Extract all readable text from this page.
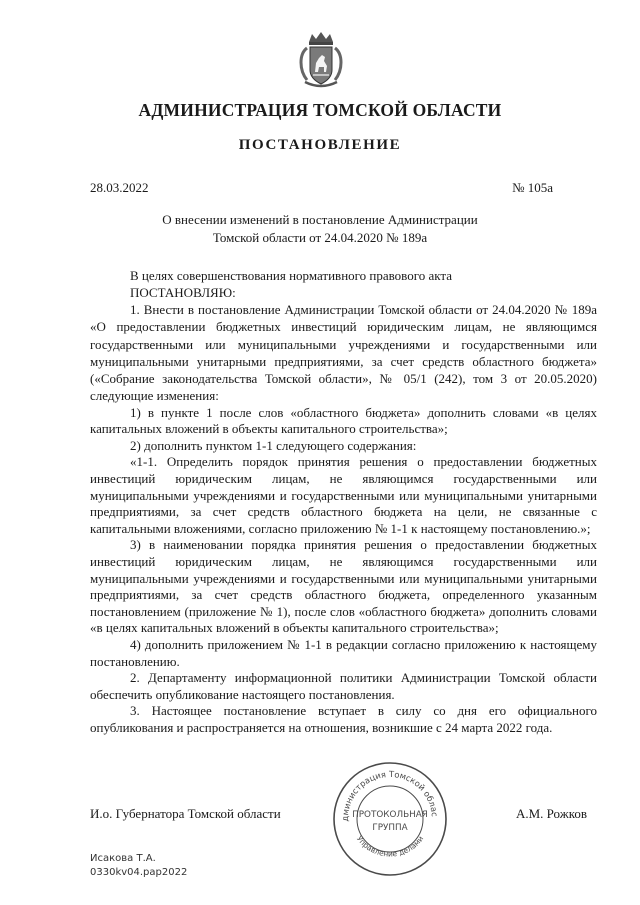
АДМИНИСТРАЦИЯ ТОМСКОЙ ОБЛАСТИ
ПОСТАНОВЛЕНИЕ
28.03.2022	№ 105а
О внесении изменений в постановление Администрации
Томской области от 24.04.2020 № 189а

В целях совершенствования нормативного правового акта

ПОСТАНОВЛЯЮ:

1. Внести в постановление Администрации Томской области от 24.04.2020 № 189а «О предоставлении бюджетных инвестиций юридическим лицам, не являющимся государственными или муниципальными учреждениями и государственными или муниципальными унитарными предприятиями, за счет средств областного бюджета» («Собрание законодательства Томской области», № 05/1 (242), том 3 от 20.05.2020) следующие изменения:

1) в пункте 1 после слов «областного бюджета» дополнить словами «в целях капитальных вложений в объекты капитального строительства»;

2) дополнить пунктом 1-1 следующего содержания:

«1-1. Определить порядок принятия решения о предоставлении бюджетных инвестиций юридическим лицам, не являющимся государственными или муниципальными учреждениями и государственными или муниципальными унитарными предприятиями, за счет средств областного бюджета на цели, не связанные с капитальными вложениями, согласно приложению № 1-1 к настоящему постановлению.»;

3) в наименовании порядка принятия решения о предоставлении бюджетных инвестиций юридическим лицам, не являющимся государственными или муниципальными учреждениями и государственными или муниципальными унитарными предприятиями, за счет средств областного бюджета, определенного указанным постановлением (приложение № 1), после слов «областного бюджета» дополнить словами «в целях капитальных вложений в объекты капитального строительства»;

4) дополнить приложением № 1-1 в редакции согласно приложению к настоящему постановлению.

2. Департаменту информационной политики Администрации Томской области обеспечить опубликование настоящего постановления.

3. Настоящее постановление вступает в силу со дня его официального опубликования и распространяется на отношения, возникшие с 24 марта 2022 года.

И.о. Губернатора Томской области	А.М. Рожков
дминистрация Томской облас
Управление делами
ПРОТОКОЛЬНАЯ
ГРУППА
Исакова Т.А.
0330kv04.pap2022
